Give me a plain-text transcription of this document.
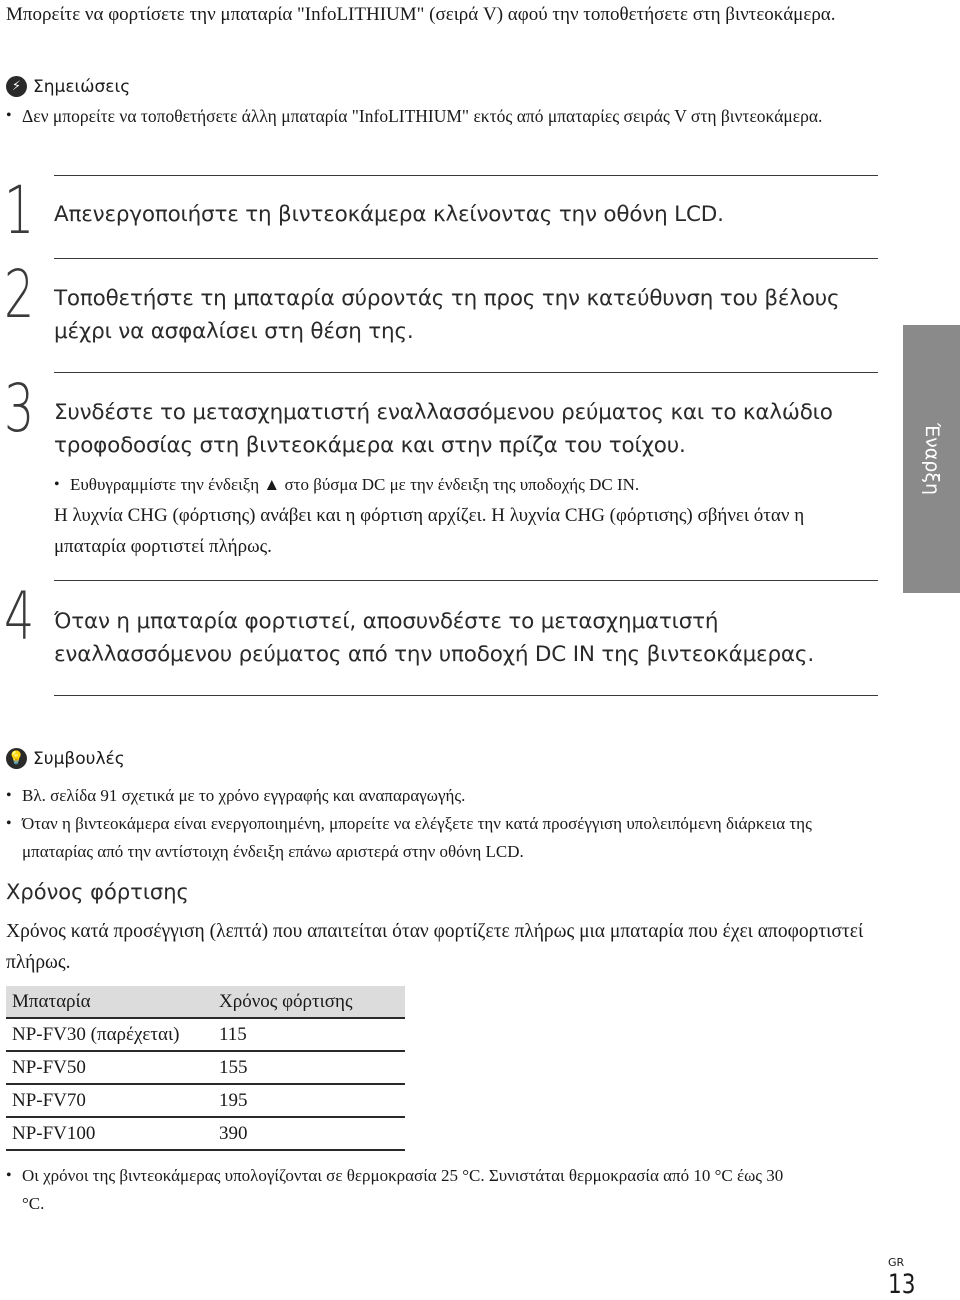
Μπορείτε να φορτίσετε την μπαταρία "InfoLITHIUM" (σειρά V) αφού την τοποθετήσετε στη βιντεοκάμερα.
⚡ Σημειώσεις
• Δεν μπορείτε να τοποθετήσετε άλλη μπαταρία "InfoLITHIUM" εκτός από μπαταρίες σειράς V στη βιντεοκάμερα.
1 Απενεργοποιήστε τη βιντεοκάμερα κλείνοντας την οθόνη LCD.
2 Τοποθετήστε τη μπαταρία σύροντάς τη προς την κατεύθυνση του βέλους μέχρι να ασφαλίσει στη θέση της.
3 Συνδέστε το μετασχηματιστή εναλλασσόμενου ρεύματος και το καλώδιο τροφοδοσίας στη βιντεοκάμερα και στην πρίζα του τοίχου.
• Ευθυγραμμίστε την ένδειξη ▲ στο βύσμα DC με την ένδειξη της υποδοχής DC IN.
Η λυχνία CHG (φόρτισης) ανάβει και η φόρτιση αρχίζει. Η λυχνία CHG (φόρτισης) σβήνει όταν η μπαταρία φορτιστεί πλήρως.
4 Όταν η μπαταρία φορτιστεί, αποσυνδέστε το μετασχηματιστή εναλλασσόμενου ρεύματος από την υποδοχή DC IN της βιντεοκάμερας.
Έναρξη
💡 Συμβουλές
• Βλ. σελίδα 91 σχετικά με το χρόνο εγγραφής και αναπαραγωγής.
• Όταν η βιντεοκάμερα είναι ενεργοποιημένη, μπορείτε να ελέγξετε την κατά προσέγγιση υπολειπόμενη διάρκεια της μπαταρίας από την αντίστοιχη ένδειξη επάνω αριστερά στην οθόνη LCD.
Χρόνος φόρτισης
Χρόνος κατά προσέγγιση (λεπτά) που απαιτείται όταν φορτίζετε πλήρως μια μπαταρία που έχει αποφορτιστεί πλήρως.
Μπαταρία	Χρόνος φόρτισης
NP-FV30 (παρέχεται)	115
NP-FV50	155
NP-FV70	195
NP-FV100	390
• Οι χρόνοι της βιντεοκάμερας υπολογίζονται σε θερμοκρασία 25 °C. Συνιστάται θερμοκρασία από 10 °C έως 30 °C.
GR
13
